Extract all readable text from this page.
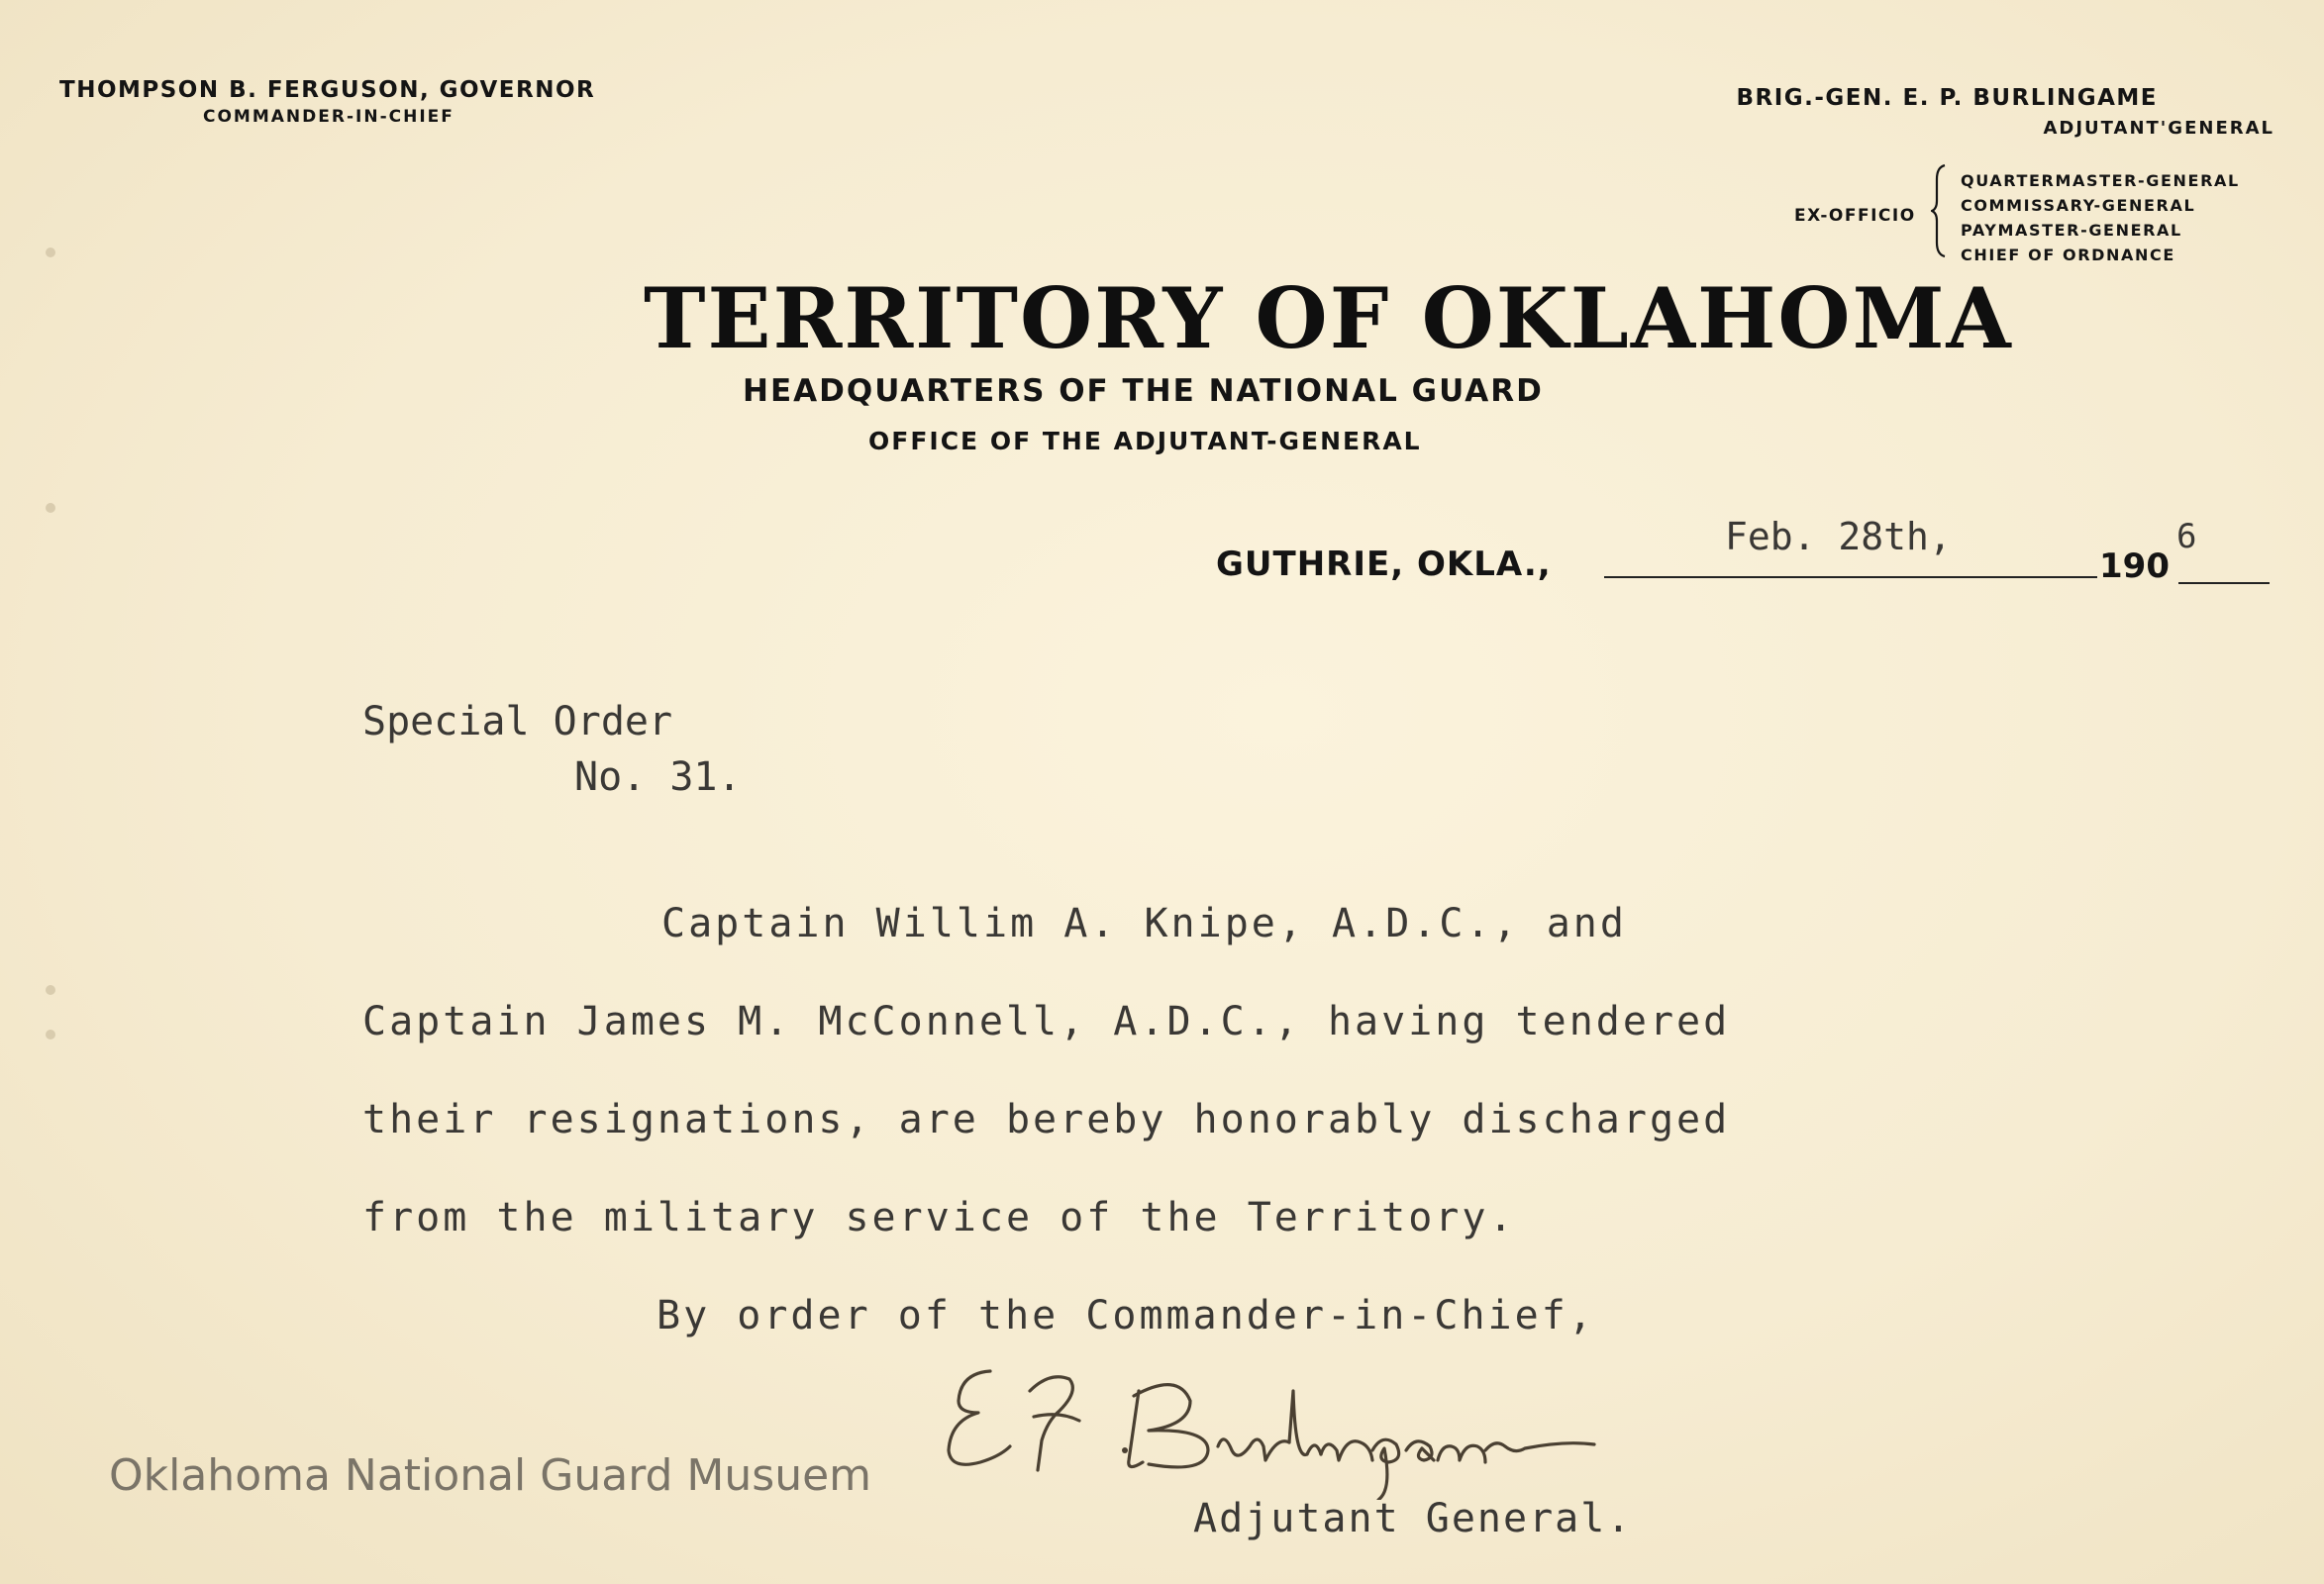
THOMPSON B. FERGUSON, GOVERNOR
COMMANDER-IN-CHIEF
BRIG.-GEN. E. P. BURLINGAME
ADJUTANT'GENERAL
EX-OFFICIO
QUARTERMASTER-GENERAL
COMMISSARY-GENERAL
PAYMASTER-GENERAL
CHIEF OF ORDNANCE
TERRITORY OF OKLAHOMA
HEADQUARTERS OF THE NATIONAL GUARD
OFFICE OF THE ADJUTANT-GENERAL
GUTHRIE, OKLA.,	190
Feb. 28th,	6
Special Order
No. 31.
Captain Willim A. Knipe, A.D.C., and
Captain James M. McConnell, A.D.C., having tendered
their resignations, are bereby honorably discharged
from the military service of the Territory.
By order of the Commander-in-Chief,
Adjutant General.
Oklahoma National Guard Musuem
